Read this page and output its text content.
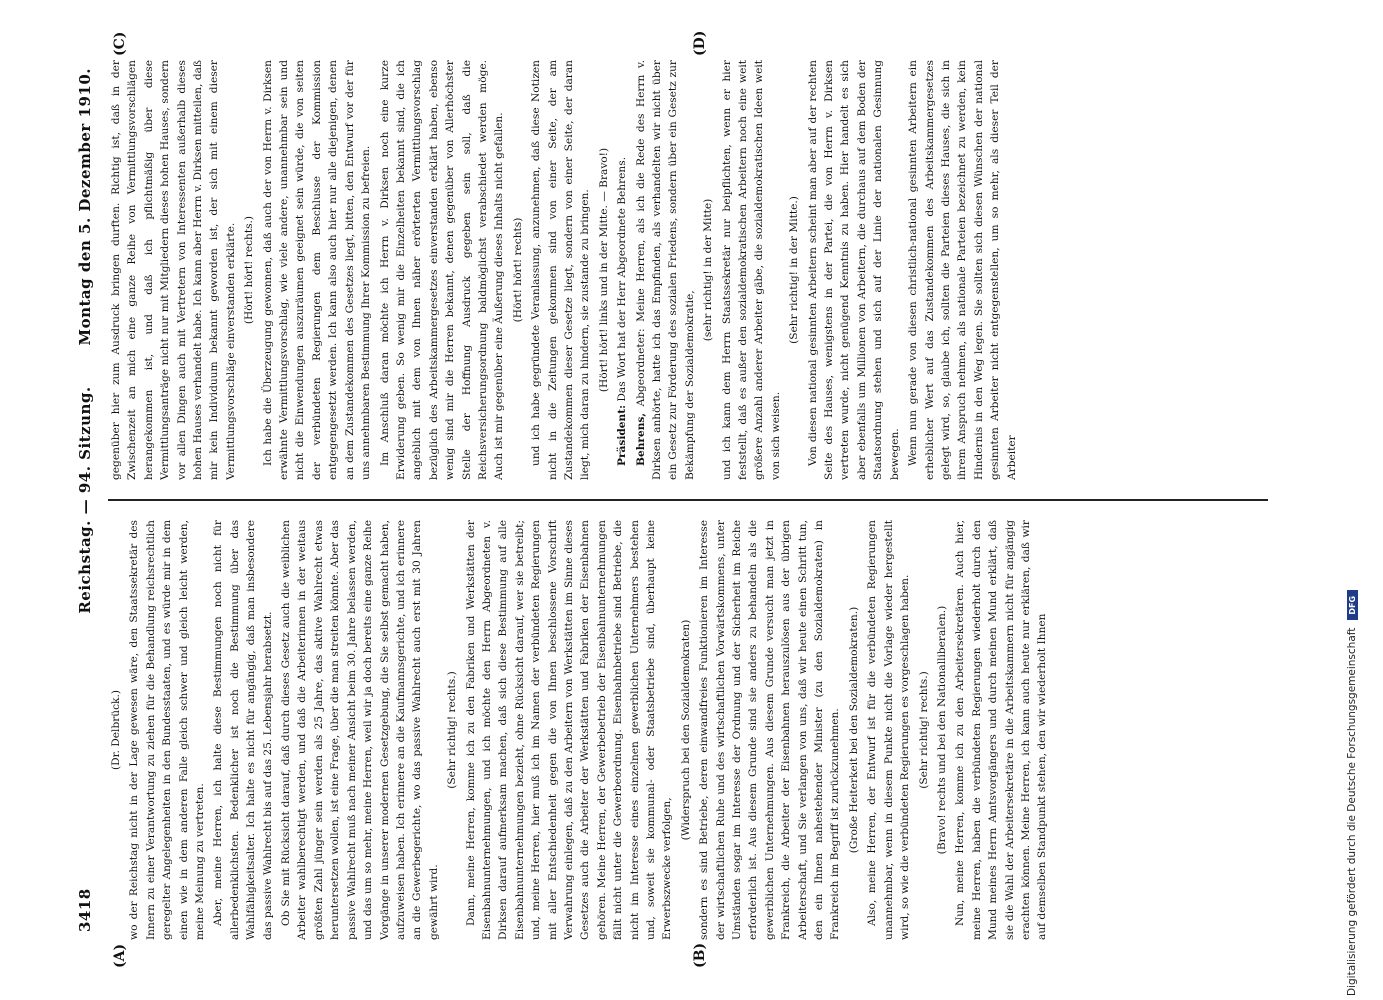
3418
Reichstag. — 94. Sitzung.
Montag den 5. Dezember 1910.
(A)	(B)
(C)	(D)

(Dr. Delbrück.) wo der Reichstag nicht in der Lage gewesen wäre, den Staatssekretär des Innern zu einer Verantwortung zu ziehen für die Behandlung reichsrechtlich geregelter Angelegenheiten in den Bundesstaaten, und es würde mir in dem einen wie in dem anderen Falle gleich schwer und gleich leicht werden, meine Meinung zu vertreten. Aber, meine Herren, ich halte diese Bestimmungen noch nicht für allerbedenklichsten. Bedenklicher ist noch die Bestimmung über das Wahlfähigkeitsalter. Ich halte es nicht für angängig, daß man insbesondere das passive Wahlrecht bis auf das 25. Lebensjahr herabsetzt. Ob Sie mit Rücksicht darauf, daß durch dieses Gesetz auch die weiblichen Arbeiter wahlberechtigt werden, und daß die Arbeiterinnen in der weitaus größten Zahl jünger sein werden als 25 Jahre, das aktive Wahlrecht etwas heruntersetzen wollen, ist eine Frage, über die man streiten könnte. Aber das passive Wahlrecht muß nach meiner Ansicht beim 30. Jahre belassen werden, und das um so mehr, meine Herren, weil wir ja doch bereits eine ganze Reihe Vorgänge in unserer modernen Gesetzgebung, die Sie selbst gemacht haben, aufzuweisen haben. Ich erinnere an die Kaufmannsgerichte, und ich erinnere an die Gewerbegerichte, wo das passive Wahlrecht auch erst mit 30 Jahren gewährt wird.

(Sehr richtig! rechts.) Dann, meine Herren, komme ich zu den Fabriken und Werkstätten der Eisenbahnunternehmungen, und ich möchte den Herrn Abgeordneten v. Dirksen darauf aufmerksam machen, daß sich diese Bestimmung auf alle Eisenbahnunternehmungen bezieht, ohne Rücksicht darauf, wer sie betreibt; und, meine Herren, hier muß ich im Namen der verbündeten Regierungen mit aller Entschiedenheit gegen die von Ihnen beschlossene Vorschrift Verwahrung einlegen, daß zu den Arbeitern von Werkstätten im Sinne dieses Gesetzes auch die Arbeiter der Werkstätten und Fabriken der Eisenbahnen gehören. Meine Herren, der Gewerbebetrieb der Eisenbahnunternehmungen fällt nicht unter die Gewerbeordnung. Eisenbahnbetriebe sind Betriebe, die nicht im Interesse eines einzelnen gewerblichen Unternehmers bestehen und, soweit sie kommunal- oder Staatsbetriebe sind, überhaupt keine Erwerbszwecke verfolgen,

(Widerspruch bei den Sozialdemokraten) sondern es sind Betriebe, deren einwandfreies Funktionieren im Interesse der wirtschaftlichen Ruhe und des wirtschaftlichen Vorwärtskommens, unter Umständen sogar im Interesse der Ordnung und der Sicherheit im Reiche erforderlich ist. Aus diesem Grunde sind sie anders zu behandeln als die gewerblichen Unternehmungen. Aus diesem Grunde versucht man jetzt in Frankreich, die Arbeiter der Eisenbahnen herauszulösen aus der übrigen Arbeiterschaft, und Sie verlangen von uns, daß wir heute einen Schritt tun, den ein Ihnen nahestehender Minister (zu den Sozialdemokraten) in Frankreich im Begriff ist zurückzunehmen. (Große Heiterkeit bei den Sozialdemokraten.) Also, meine Herren, der Entwurf ist für die verbündeten Regierungen unannehmbar, wenn in diesem Punkte nicht die Vorlage wieder hergestellt wird, so wie die verbündeten Regierungen es vorgeschlagen haben. (Sehr richtig! rechts.) (Bravo! rechts und bei den Nationalliberalen.) Nun, meine Herren, komme ich zu den Arbeitersekretären. Auch hier, meine Herren, haben die verbündeten Regierungen wiederholt durch den Mund meines Herrn Amtsvorgängers und durch meinen Mund erklärt, daß sie die Wahl der Arbeitersekretäre in die Arbeitskammern nicht für angängig erachten können. Meine Herren, ich kann auch heute nur erklären, daß wir auf demselben Standpunkt stehen, den wir wiederholt Ihnen

gegenüber hier zum Ausdruck bringen durften. Richtig ist, daß in der Zwischenzeit an mich eine ganze Reihe von Vermittlungsvorschlägen herangekommen ist, und daß ich pflichtmäßig über diese Vermittlungsanträge nicht nur mit Mitgliedern dieses hohen Hauses, sondern vor allen Dingen auch mit Vertretern von Interessenten außerhalb dieses hohen Hauses verhandelt habe. Ich kann aber Herrn v. Dirksen mitteilen, daß mir kein Individuum bekannt geworden ist, der sich mit einem dieser Vermittlungsvorschläge einverstanden erklärte. (Hört! hört! rechts.) Ich habe die Überzeugung gewonnen, daß auch der von Herrn v. Dirksen erwähnte Vermittlungsvorschlag, wie viele andere, unannehmbar sein und nicht die Einwendungen auszuräumen geeignet sein würde, die von seiten der verbündeten Regierungen dem Beschlusse der Kommission entgegengesetzt werden. Ich kann also auch hier nur alle diejenigen, denen an dem Zustandekommen des Gesetzes liegt, bitten, den Entwurf vor der für uns annehmbaren Bestimmung Ihrer Kommission zu befreien. Im Anschluß daran möchte ich Herrn v. Dirksen noch eine kurze Erwiderung geben. So wenig mir die Einzelheiten bekannt sind, die ich angeblich mit dem von Ihnen näher erörterten Vermittlungsvorschlag bezüglich des Arbeitskammergesetzes einverstanden erklärt haben, ebenso wenig sind mir die Herren bekannt, denen gegenüber von Allerhöchster Stelle der Hoffnung Ausdruck gegeben sein soll, daß die Reichsversicherungsordnung baldmöglichst verabschiedet werden möge. Auch ist mir gegenüber eine Äußerung dieses Inhalts nicht gefallen. (Hört! hört! rechts) und ich habe gegründete Veranlassung, anzunehmen, daß diese Notizen nicht in die Zeitungen gekommen sind von einer Seite, der am Zustandekommen dieser Gesetze liegt, sondern von einer Seite, der daran liegt, mich daran zu hindern, sie zustande zu bringen. (Hört! hört! links und in der Mitte. — Bravo!)

Präsident: Das Wort hat der Herr Abgeordnete Behrens.

Behrens, Abgeordneter: Meine Herren, als ich die Rede des Herrn v. Dirksen anhörte, hatte ich das Empfinden, als verhandelten wir nicht über ein Gesetz zur Förderung des sozialen Friedens, sondern über ein Gesetz zur Bekämpfung der Sozialdemokratie,

(sehr richtig! in der Mitte) und ich kann dem Herrn Staatssekretär nur beipflichten, wenn er hier feststellt, daß es außer den sozialdemokratischen Arbeitern noch eine weit größere Anzahl anderer Arbeiter gäbe, die sozialdemokratischen Ideen weit von sich weisen.

(Sehr richtig! in der Mitte.) Von diesen national gesinnten Arbeitern scheint man aber auf der rechten Seite des Hauses, wenigstens in der Partei, die von Herrn v. Dirksen vertreten wurde, nicht genügend Kenntnis zu haben. Hier handelt es sich aber ebenfalls um Millionen von Arbeitern, die durchaus auf dem Boden der Staatsordnung stehen und sich auf der Linie der nationalen Gesinnung bewegen. Wenn nun gerade von diesen christlich-national gesinnten Arbeitern ein erheblicher Wert auf das Zustandekommen des Arbeitskammergesetzes gelegt wird, so, glaube ich, sollten die Parteien dieses Hauses, die sich in ihrem Anspruch nehmen, als nationale Parteien bezeichnet zu werden, kein Hindernis in den Weg legen. Sie sollten sich diesen Wünschen der national gesinnten Arbeiter nicht entgegenstellen, um so mehr, als dieser Teil der Arbeiter

Digitalisierung gefördert durch die Deutsche Forschungsgemeinschaft DFG
